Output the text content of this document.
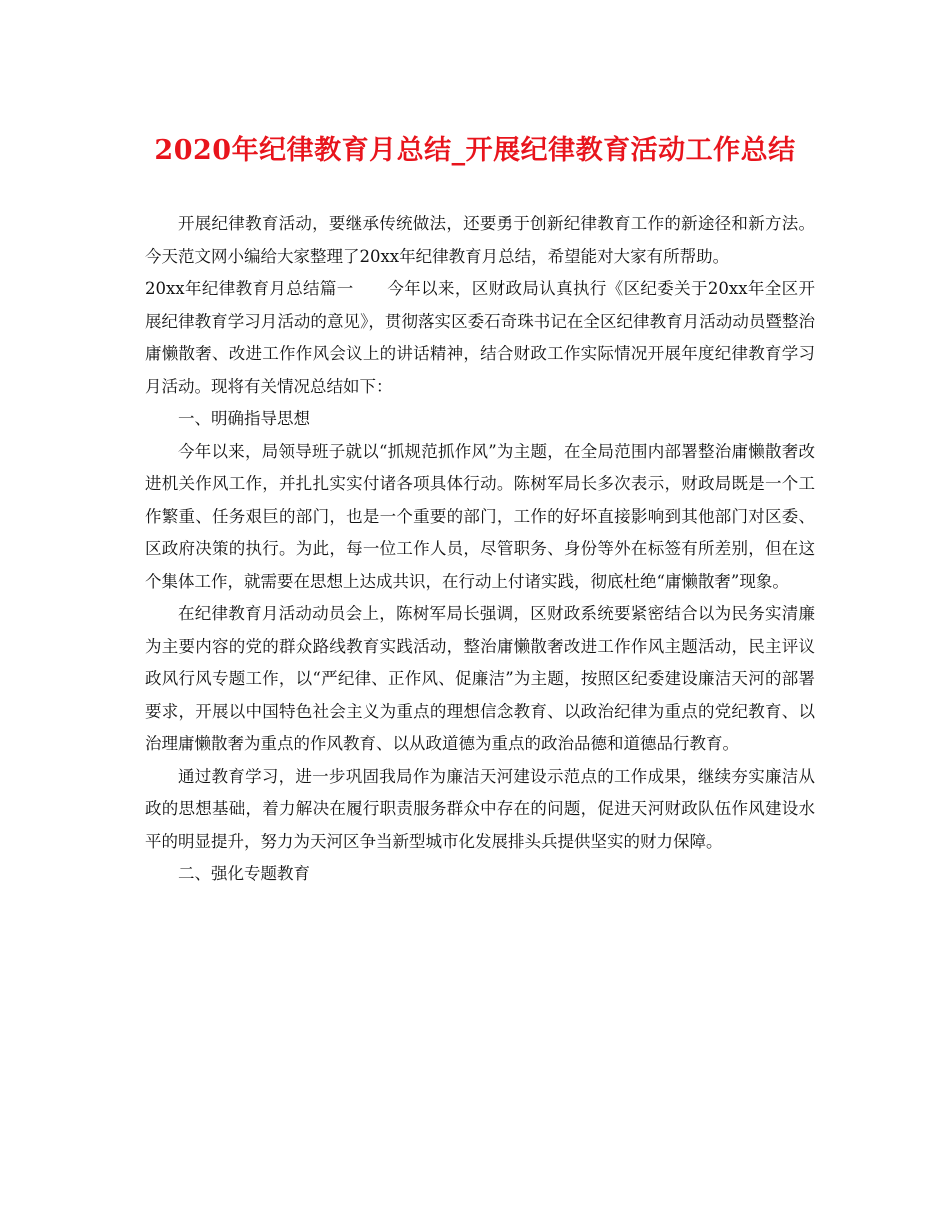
2020年纪律教育月总结_开展纪律教育活动工作总结

开展纪律教育活动，要继承传统做法，还要勇于创新纪律教育工作的新途径和新方法。今天范文网小编给大家整理了20xx年纪律教育月总结，希望能对大家有所帮助。

20xx年纪律教育月总结篇一　　今年以来，区财政局认真执行《区纪委关于20xx年全区开展纪律教育学习月活动的意见》，贯彻落实区委石奇珠书记在全区纪律教育月活动动员暨整治庸懒散奢、改进工作作风会议上的讲话精神，结合财政工作实际情况开展年度纪律教育学习月活动。现将有关情况总结如下：

一、明确指导思想

今年以来，局领导班子就以“抓规范抓作风”为主题，在全局范围内部署整治庸懒散奢改进机关作风工作，并扎扎实实付诸各项具体行动。陈树军局长多次表示，财政局既是一个工作繁重、任务艰巨的部门，也是一个重要的部门，工作的好坏直接影响到其他部门对区委、区政府决策的执行。为此，每一位工作人员，尽管职务、身份等外在标签有所差别，但在这个集体工作，就需要在思想上达成共识，在行动上付诸实践，彻底杜绝“庸懒散奢”现象。

在纪律教育月活动动员会上，陈树军局长强调，区财政系统要紧密结合以为民务实清廉为主要内容的党的群众路线教育实践活动，整治庸懒散奢改进工作作风主题活动，民主评议政风行风专题工作，以“严纪律、正作风、促廉洁”为主题，按照区纪委建设廉洁天河的部署要求，开展以中国特色社会主义为重点的理想信念教育、以政治纪律为重点的党纪教育、以治理庸懒散奢为重点的作风教育、以从政道德为重点的政治品德和道德品行教育。

通过教育学习，进一步巩固我局作为廉洁天河建设示范点的工作成果，继续夯实廉洁从政的思想基础，着力解决在履行职责服务群众中存在的问题，促进天河财政队伍作风建设水平的明显提升，努力为天河区争当新型城市化发展排头兵提供坚实的财力保障。

二、强化专题教育
